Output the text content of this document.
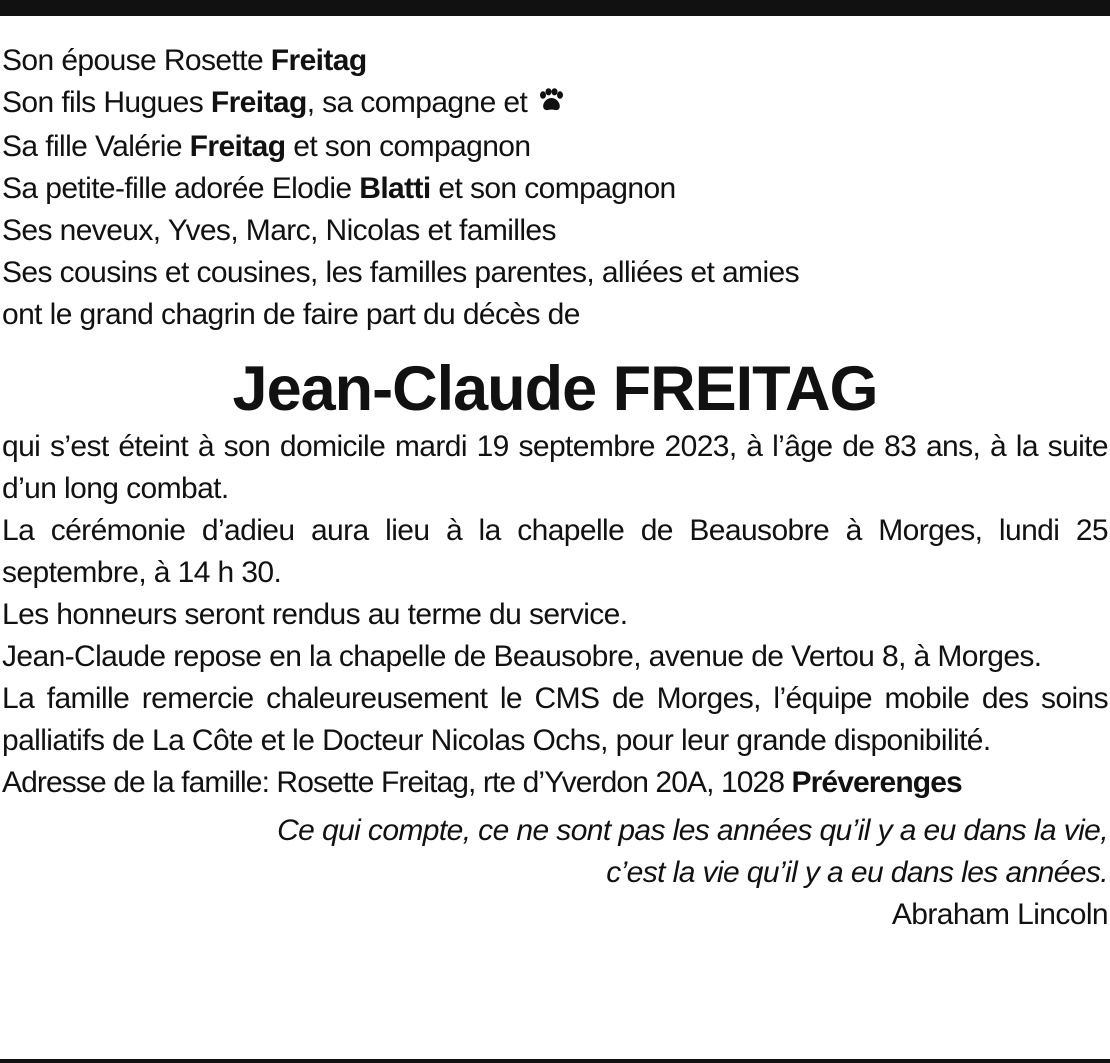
Son épouse Rosette Freitag
Son fils Hugues Freitag, sa compagne et
Sa fille Valérie Freitag et son compagnon
Sa petite-fille adorée Elodie Blatti et son compagnon
Ses neveux, Yves, Marc, Nicolas et familles
Ses cousins et cousines, les familles parentes, alliées et amies
ont le grand chagrin de faire part du décès de
Jean-Claude FREITAG
qui s’est éteint à son domicile mardi 19 septembre 2023, à l’âge de 83 ans, à la suite d’un long combat.
La cérémonie d’adieu aura lieu à la chapelle de Beausobre à Morges, lundi 25 septembre, à 14 h 30.
Les honneurs seront rendus au terme du service.
Jean-Claude repose en la chapelle de Beausobre, avenue de Vertou 8, à Morges.
La famille remercie chaleureusement le CMS de Morges, l’équipe mobile des soins palliatifs de La Côte et le Docteur Nicolas Ochs, pour leur grande disponibilité.
Adresse de la famille: Rosette Freitag, rte d’Yverdon 20A, 1028 Préverenges
Ce qui compte, ce ne sont pas les années qu’il y a eu dans la vie,
c’est la vie qu’il y a eu dans les années.
Abraham Lincoln
